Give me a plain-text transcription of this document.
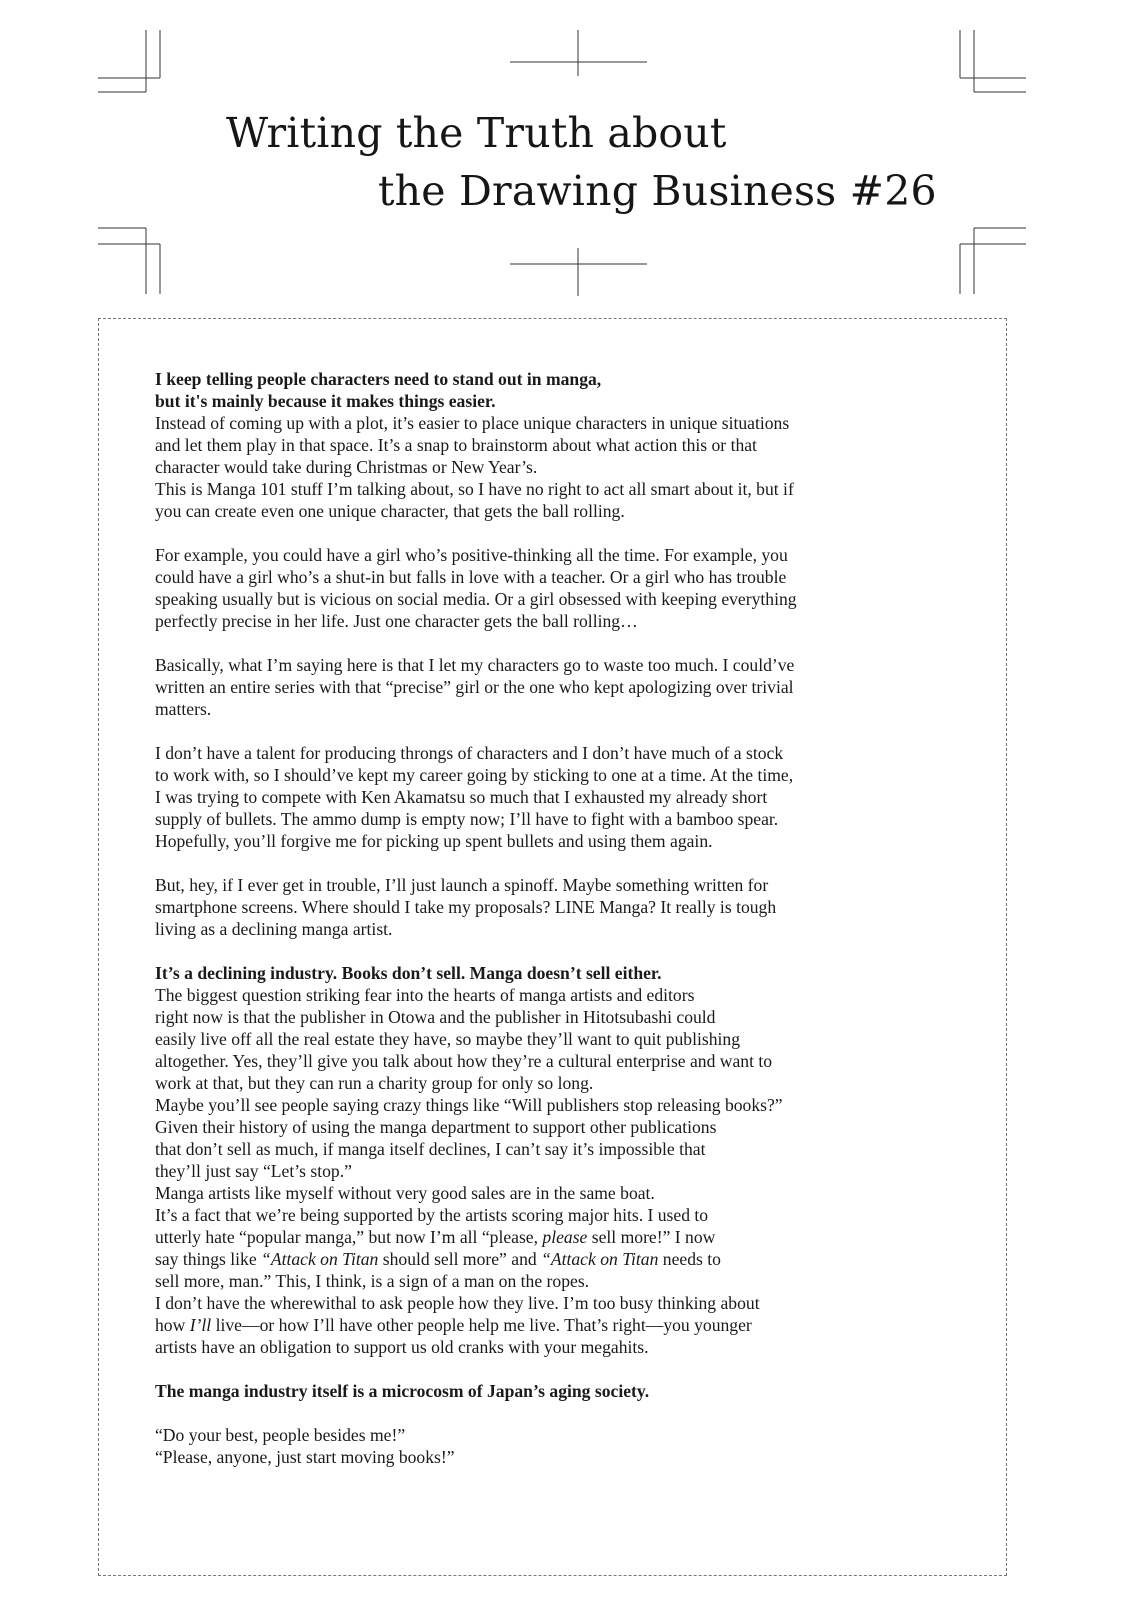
Writing the Truth about
the Drawing Business #26

I keep telling people characters need to stand out in manga,
but it's mainly because it makes things easier.
Instead of coming up with a plot, it’s easier to place unique characters in unique situations
and let them play in that space. It’s a snap to brainstorm about what action this or that
character would take during Christmas or New Year’s.
This is Manga 101 stuff I’m talking about, so I have no right to act all smart about it, but if
you can create even one unique character, that gets the ball rolling.

For example, you could have a girl who’s positive-thinking all the time. For example, you
could have a girl who’s a shut-in but falls in love with a teacher. Or a girl who has trouble
speaking usually but is vicious on social media. Or a girl obsessed with keeping everything
perfectly precise in her life. Just one character gets the ball rolling…

Basically, what I’m saying here is that I let my characters go to waste too much. I could’ve
written an entire series with that “precise” girl or the one who kept apologizing over trivial
matters.

I don’t have a talent for producing throngs of characters and I don’t have much of a stock
to work with, so I should’ve kept my career going by sticking to one at a time. At the time,
I was trying to compete with Ken Akamatsu so much that I exhausted my already short
supply of bullets. The ammo dump is empty now; I’ll have to fight with a bamboo spear.
Hopefully, you’ll forgive me for picking up spent bullets and using them again.

But, hey, if I ever get in trouble, I’ll just launch a spinoff. Maybe something written for
smartphone screens. Where should I take my proposals? LINE Manga? It really is tough
living as a declining manga artist.

It’s a declining industry. Books don’t sell. Manga doesn’t sell either.
The biggest question striking fear into the hearts of manga artists and editors
right now is that the publisher in Otowa and the publisher in Hitotsubashi could
easily live off all the real estate they have, so maybe they’ll want to quit publishing
altogether. Yes, they’ll give you talk about how they’re a cultural enterprise and want to
work at that, but they can run a charity group for only so long.
Maybe you’ll see people saying crazy things like “Will publishers stop releasing books?”
Given their history of using the manga department to support other publications
that don’t sell as much, if manga itself declines, I can’t say it’s impossible that
they’ll just say “Let’s stop.”
Manga artists like myself without very good sales are in the same boat.
It’s a fact that we’re being supported by the artists scoring major hits. I used to
utterly hate “popular manga,” but now I’m all “please, please sell more!” I now
say things like “Attack on Titan should sell more” and “Attack on Titan needs to
sell more, man.” This, I think, is a sign of a man on the ropes.
I don’t have the wherewithal to ask people how they live. I’m too busy thinking about
how I’ll live—or how I’ll have other people help me live. That’s right—you younger
artists have an obligation to support us old cranks with your megahits.

The manga industry itself is a microcosm of Japan’s aging society.

“Do your best, people besides me!”
“Please, anyone, just start moving books!”
